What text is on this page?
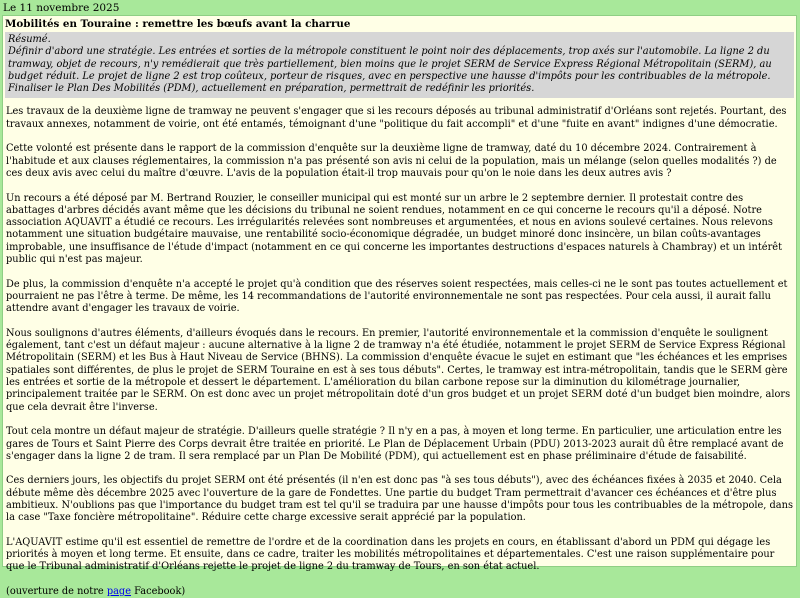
Le 11 novembre 2025
Mobilités en Touraine : remettre les bœufs avant la charrue
Résumé.
Définir d'abord une stratégie. Les entrées et sorties de la métropole constituent le point noir des déplacements, trop axés sur l'automobile. La ligne 2 du tramway, objet de recours, n'y remédierait que très partiellement, bien moins que le projet SERM de Service Express Régional Métropolitain (SERM), au budget réduit. Le projet de ligne 2 est trop coûteux, porteur de risques, avec en perspective une hausse d'impôts pour les contribuables de la métropole. Finaliser le Plan Des Mobilités (PDM), actuellement en préparation, permettrait de redéfinir les priorités.

Les travaux de la deuxième ligne de tramway ne peuvent s'engager que si les recours déposés au tribunal administratif d'Orléans sont rejetés. Pourtant, des travaux annexes, notamment de voirie, ont été entamés, témoignant d'une "politique du fait accompli" et d'une "fuite en avant" indignes d'une démocratie.

Cette volonté est présente dans le rapport de la commission d'enquête sur la deuxième ligne de tramway, daté du 10 décembre 2024. Contrairement à l'habitude et aux clauses réglementaires, la commission n'a pas présenté son avis ni celui de la population, mais un mélange (selon quelles modalités ?) de ces deux avis avec celui du maître d'œuvre. L'avis de la population était-il trop mauvais pour qu'on le noie dans les deux autres avis ?

Un recours a été déposé par M. Bertrand Rouzier, le conseiller municipal qui est monté sur un arbre le 2 septembre dernier. Il protestait contre des abattages d'arbres décidés avant même que les décisions du tribunal ne soient rendues, notamment en ce qui concerne le recours qu'il a déposé. Notre association AQUAVIT a étudié ce recours. Les irrégularités relevées sont nombreuses et argumentées, et nous en avions soulevé certaines. Nous relevons notamment une situation budgétaire mauvaise, une rentabilité socio-économique dégradée, un budget minoré donc insincère, un bilan coûts-avantages improbable, une insuffisance de l'étude d'impact (notamment en ce qui concerne les importantes destructions d'espaces naturels à Chambray) et un intérêt public qui n'est pas majeur.

De plus, la commission d'enquête n'a accepté le projet qu'à condition que des réserves soient respectées, mais celles-ci ne le sont pas toutes actuellement et pourraient ne pas l'être à terme. De même, les 14 recommandations de l'autorité environnementale ne sont pas respectées. Pour cela aussi, il aurait fallu attendre avant d'engager les travaux de voirie.

Nous soulignons d'autres éléments, d'ailleurs évoqués dans le recours. En premier, l'autorité environnementale et la commission d'enquête le soulignent également, tant c'est un défaut majeur : aucune alternative à la ligne 2 de tramway n'a été étudiée, notamment le projet SERM de Service Express Régional Métropolitain (SERM) et les Bus à Haut Niveau de Service (BHNS). La commission d'enquête évacue le sujet en estimant que "les échéances et les emprises spatiales sont différentes, de plus le projet de SERM Touraine en est à ses tous débuts". Certes, le tramway est intra-métropolitain, tandis que le SERM gère les entrées et sortie de la métropole et dessert le département. L'amélioration du bilan carbone repose sur la diminution du kilométrage journalier, principalement traitée par le SERM. On est donc avec un projet métropolitain doté d'un gros budget et un projet SERM doté d'un budget bien moindre, alors que cela devrait être l'inverse.

Tout cela montre un défaut majeur de stratégie. D'ailleurs quelle stratégie ? Il n'y en a pas, à moyen et long terme. En particulier, une articulation entre les gares de Tours et Saint Pierre des Corps devrait être traitée en priorité. Le Plan de Déplacement Urbain (PDU) 2013-2023 aurait dû être remplacé avant de s'engager dans la ligne 2 de tram. Il sera remplacé par un Plan De Mobilité (PDM), qui actuellement est en phase préliminaire d'étude de faisabilité.

Ces derniers jours, les objectifs du projet SERM ont été présentés (il n'en est donc pas "à ses tous débuts"), avec des échéances fixées à 2035 et 2040. Cela débute même dès décembre 2025 avec l'ouverture de la gare de Fondettes. Une partie du budget Tram permettrait d'avancer ces échéances et d'être plus ambitieux. N'oublions pas que l'importance du budget tram est tel qu'il se traduira par une hausse d'impôts pour tous les contribuables de la métropole, dans la case "Taxe foncière métropolitaine". Réduire cette charge excessive serait apprécié par la population.

L'AQUAVIT estime qu'il est essentiel de remettre de l'ordre et de la coordination dans les projets en cours, en établissant d'abord un PDM qui dégage les priorités à moyen et long terme. Et ensuite, dans ce cadre, traiter les mobilités métropolitaines et départementales. C'est une raison supplémentaire pour que le Tribunal administratif d'Orléans rejette le projet de ligne 2 du tramway de Tours, en son état actuel.

(ouverture de notre page Facebook)
